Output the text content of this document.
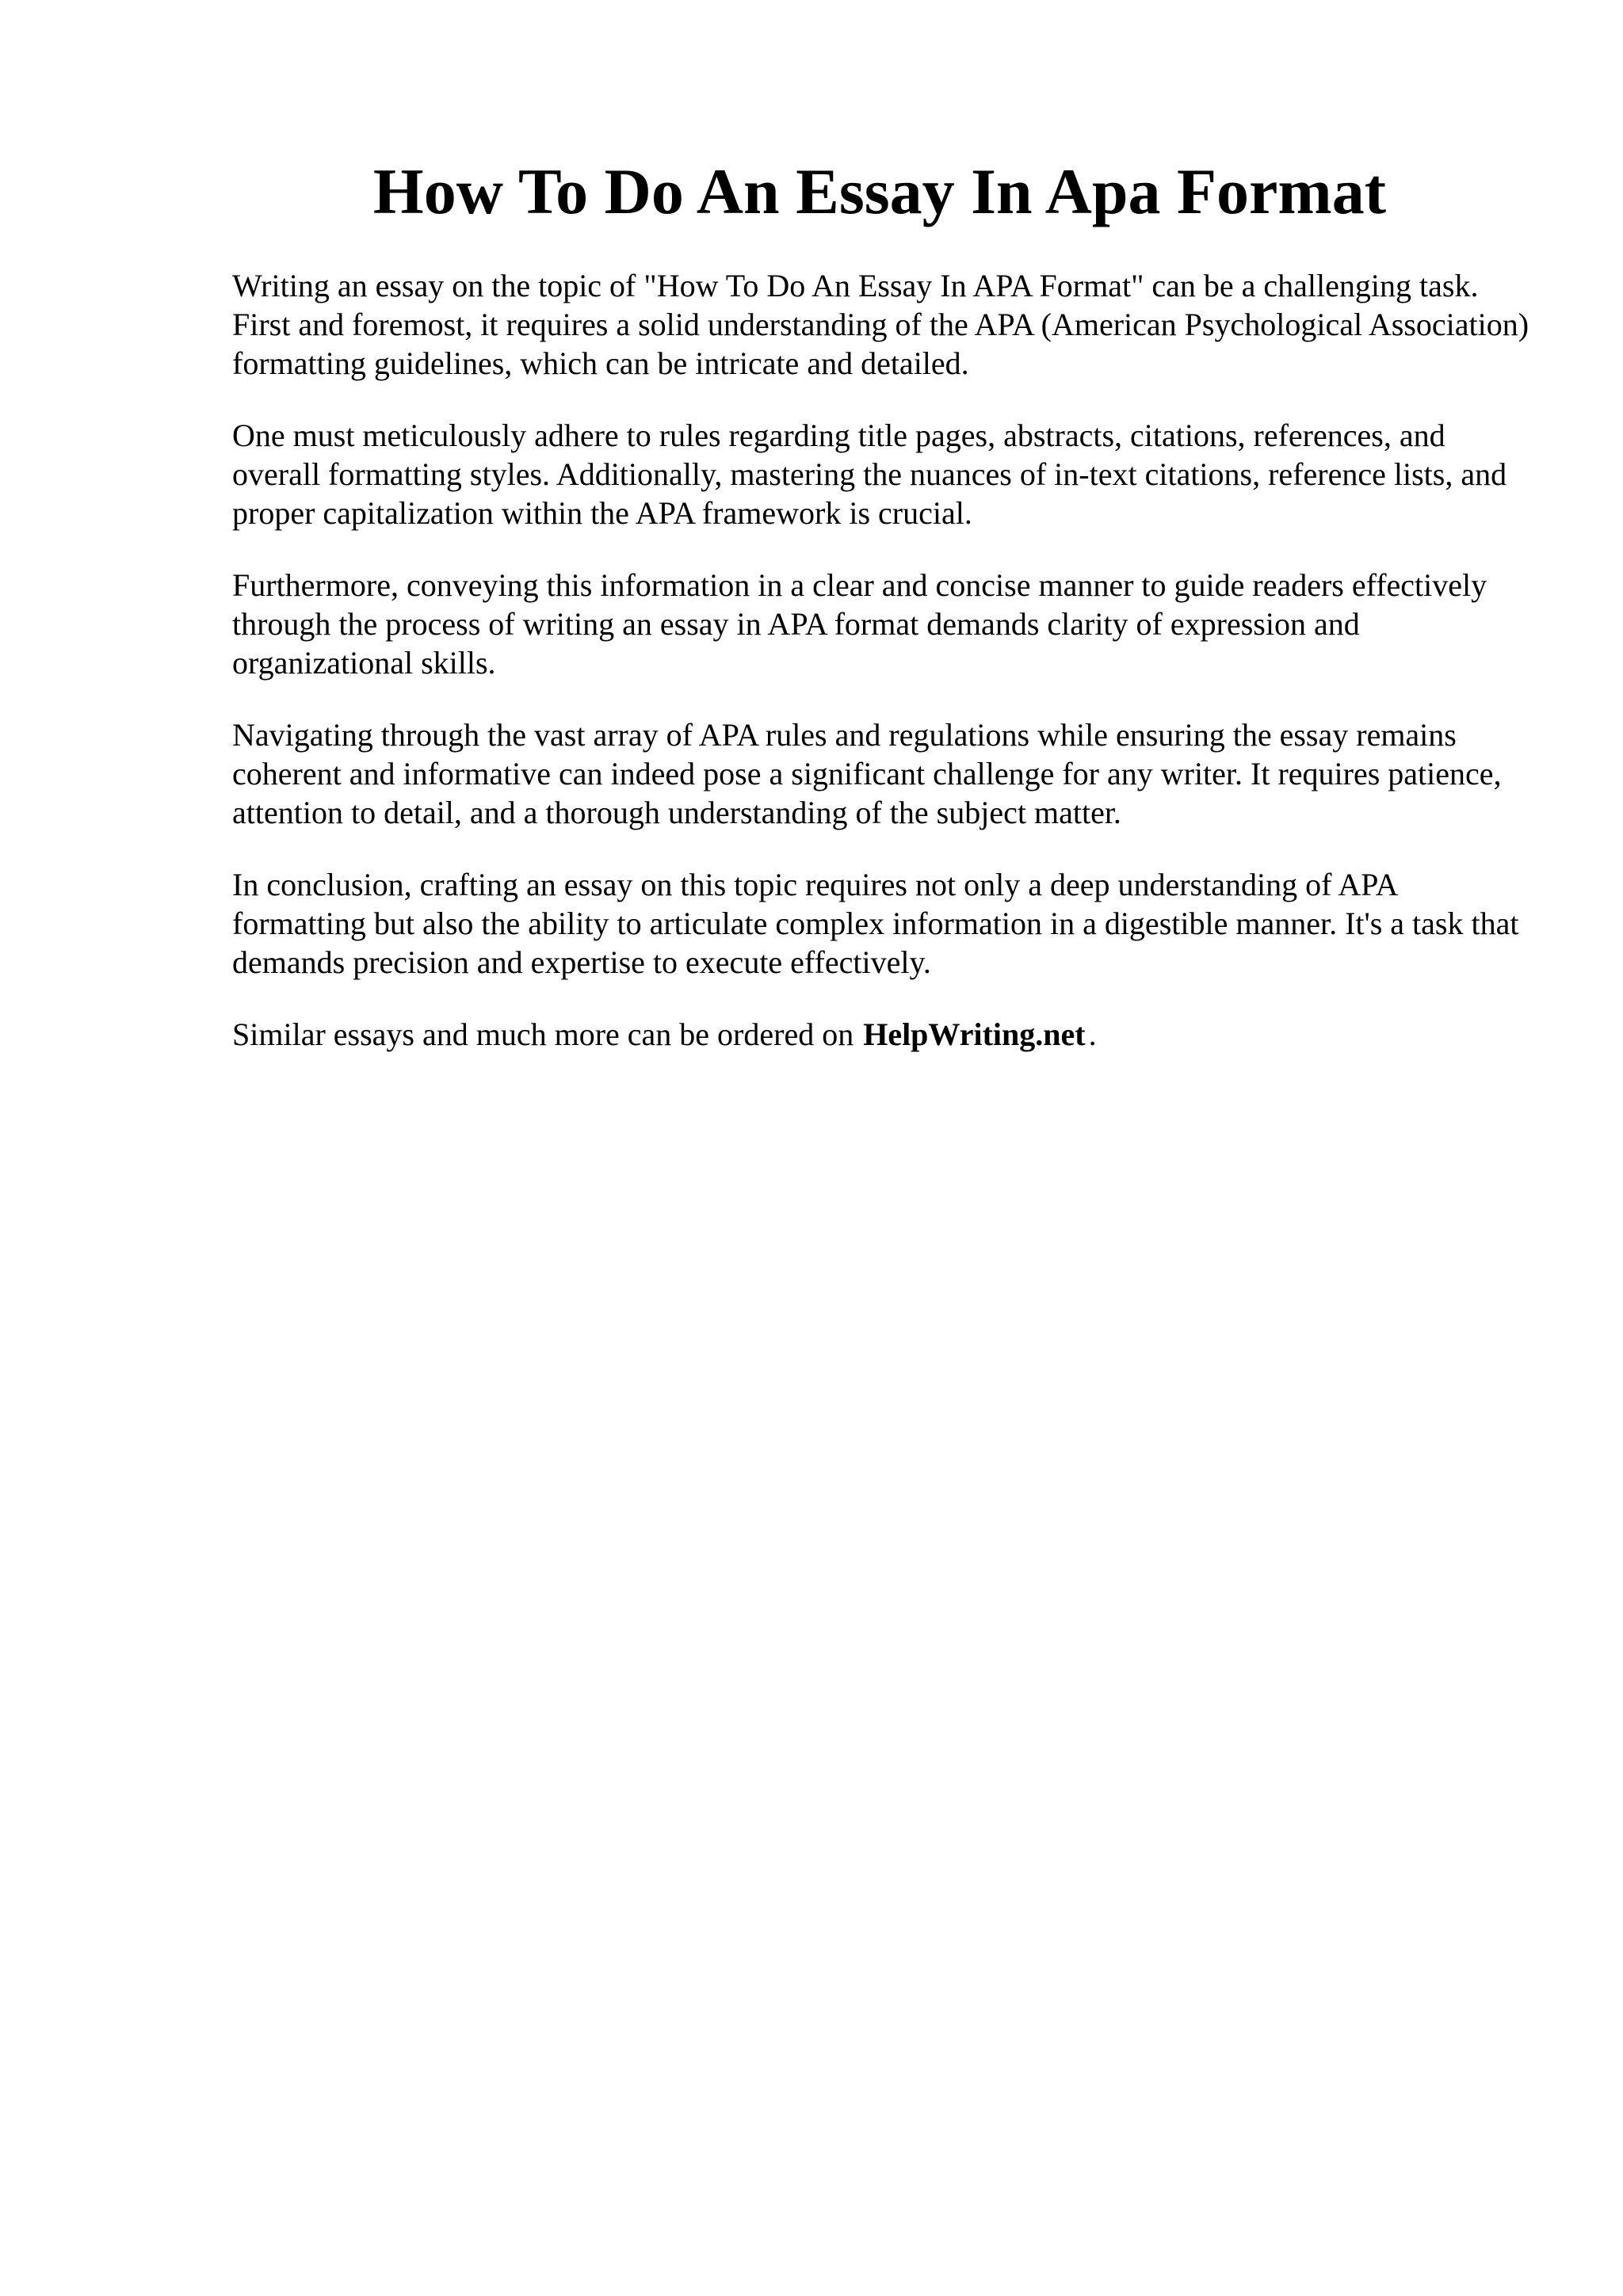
How To Do An Essay In Apa Format

Writing an essay on the topic of "How To Do An Essay In APA Format" can be a challenging task. First and foremost, it requires a solid understanding of the APA (American Psychological Association) formatting guidelines, which can be intricate and detailed.

One must meticulously adhere to rules regarding title pages, abstracts, citations, references, and overall formatting styles. Additionally, mastering the nuances of in-text citations, reference lists, and proper capitalization within the APA framework is crucial.

Furthermore, conveying this information in a clear and concise manner to guide readers effectively through the process of writing an essay in APA format demands clarity of expression and organizational skills.

Navigating through the vast array of APA rules and regulations while ensuring the essay remains coherent and informative can indeed pose a significant challenge for any writer. It requires patience, attention to detail, and a thorough understanding of the subject matter.

In conclusion, crafting an essay on this topic requires not only a deep understanding of APA formatting but also the ability to articulate complex information in a digestible manner. It's a task that demands precision and expertise to execute effectively.

Similar essays and much more can be ordered on HelpWriting.net .
